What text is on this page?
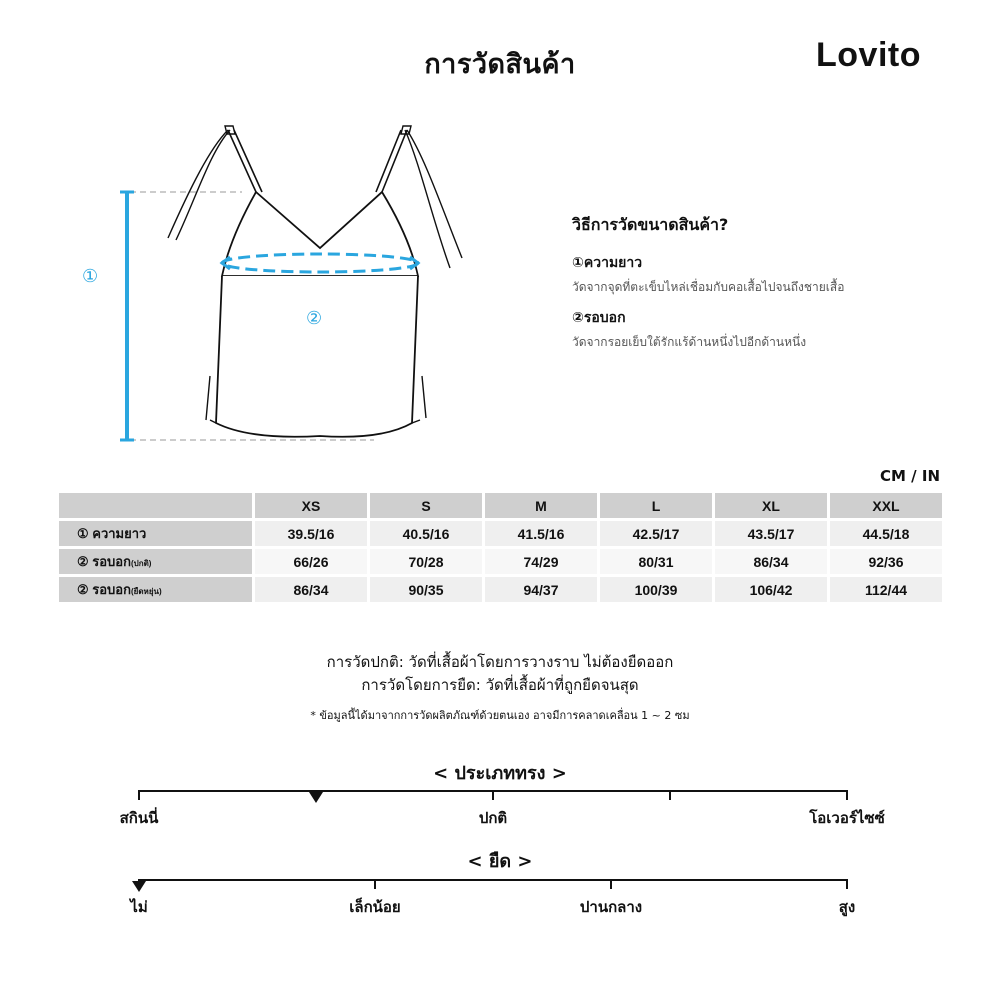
การวัดสินค้า	Lovito
①
②
วิธีการวัดขนาดสินค้า?
①ความยาว
วัดจากจุดที่ตะเข็บไหล่เชื่อมกับคอเสื้อไปจนถึงชายเสื้อ
②รอบอก
วัดจากรอยเย็บใต้รักแร้ด้านหนึ่งไปอีกด้านหนึ่ง
CM / IN
	XS	S	M	L	XL	XXL
① ความยาว	39.5/16	40.5/16	41.5/16	42.5/17	43.5/17	44.5/18
② รอบอก(ปกติ)	66/26	70/28	74/29	80/31	86/34	92/36
② รอบอก(ยืดหยุ่น)	86/34	90/35	94/37	100/39	106/42	112/44
การวัดปกติ: วัดที่เสื้อผ้าโดยการวางราบ ไม่ต้องยืดออก
การวัดโดยการยืด: วัดที่เสื้อผ้าที่ถูกยืดจนสุด
* ข้อมูลนี้ได้มาจากการวัดผลิตภัณฑ์ด้วยตนเอง อาจมีการคลาดเคลื่อน 1 ~ 2 ซม
< ประเภททรง >
สกินนี่	ปกติ	โอเวอร์ไซซ์
< ยืด >
ไม่	เล็กน้อย	ปานกลาง	สูง
